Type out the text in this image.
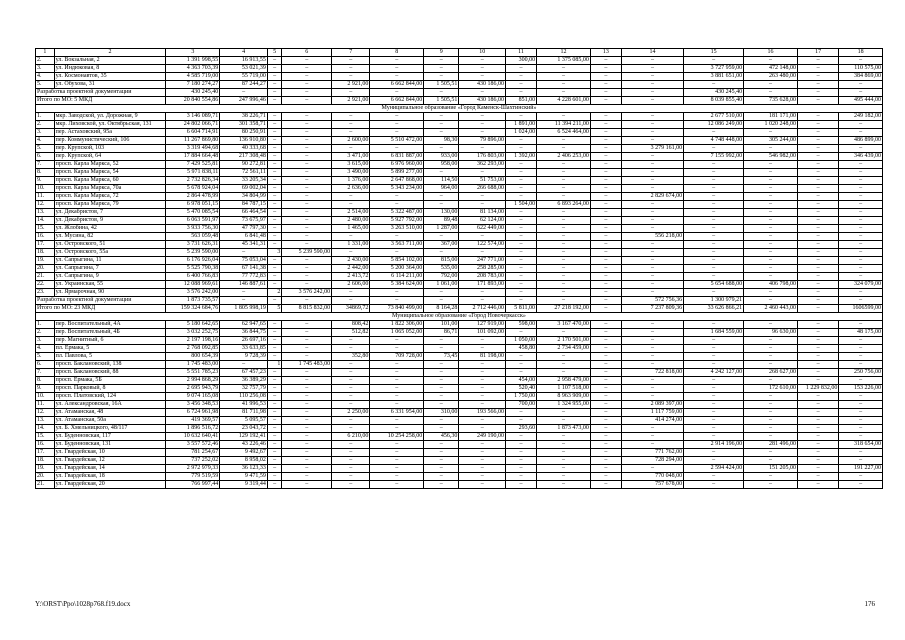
1	2	3	4	5	6	7	8	9	10	11	12	13	14	15	16	17	18
2.	ул. Вокзальная, 2	1 391 998,55	16 913,55	–	–	–	–	–	–	300,00	1 375 085,00	–	–	–	–	–	–
3.	ул. Индюковая, 8	4 363 703,39	53 021,39	–	–	–	–	–	–	–	–	–	–	3 727 959,00	472 148,00	–	110 575,00
4.	ул. Космонавтов, 35	4 585 719,00	55 719,00	–	–	–	–	–	–	–	–	–	–	3 881 651,00	263 480,00	–	384 869,00
5.	ул. Обухова, 31	7 180 274,27	87 244,27	–	–	2 921,00	6 662 844,00	1 505,51	430 186,00	–	–	–	–	–	–	–	–
Разработка проектной документации		430 245,40	–	–	–	–	–	–	–	–	–	–	–	430 245,40	–	–	–
Итого по МО: 5 МКД		20 840 554,86	247 996,46	–	–	2 921,00	6 662 844,00	1 505,51	430 186,00	851,00	4 228 601,00	–	–	8 039 855,40	735 628,00	–	495 444,00
Муниципальное образование «Город Каменск-Шахтинский»																	
1.	мкр. Заводской, ул. Дорожная, 9	3 146 089,71	38 226,71	–	–	–	–	–	–	–	–	–	–	2 677 510,00	181 171,00	–	249 182,00
2.	мкр. Лиховской, ул. Октябрьская, 131	24 802 066,71	301 358,71	–	–	–	–	–	–	1 891,00	11 394 211,00	–	–	12 086 249,00	1 020 248,00	–	–
3.	пер. Астаховский, 95а	6 604 714,91	80 250,91	–	–	–	–	–	–	1 024,00	6 524 464,00	–	–	–	–	–	–
4.	пер. Коммунистический, 106	11 267 869,80	136 910,80	–	–	2 600,00	5 510 472,00	98,30	79 896,00	–	–	–	–	4 748 448,00	305 244,00	–	486 899,00
5.	пер. Крупской, 103	3 319 494,68	40 333,68	–	–	–	–	–	–	–	–	–	3 279 161,00	–	–	–	–
6.	пер. Крупской, 64	17 884 664,48	217 308,48	–	–	3 471,00	6 831 887,00	933,00	176 803,00	1 392,00	2 406 253,00	–	–	7 155 992,00	546 982,00	–	346 439,00
7.	просп. Карла Маркса, 52	7 429 525,81	90 272,81	–	–	3 615,00	6 976 960,00	958,00	362 293,00	–	–	–	–	–	–	–	–
8.	просп. Карла Маркса, 54	5 971 838,11	72 561,11	–	–	3 490,00	5 899 277,00	–	–	–	–	–	–	–	–	–	–
9.	просп. Карла Маркса, 60	2 732 826,34	33 205,34	–	–	1 376,00	2 647 868,00	114,50	51 753,00	–	–	–	–	–	–	–	–
10.	просп. Карла Маркса, 70а	5 678 924,04	69 002,04	–	–	2 636,00	5 343 234,00	964,00	266 688,00	–	–	–	–	–	–	–	–
11.	просп. Карла Маркса, 72	2 864 478,99	34 804,99	–	–	–	–	–	–	–	–	–	2 829 674,00	–	–	–	–
12.	просп. Карла Маркса, 79	6 978 051,15	84 787,15	–	–	–	–	–	–	1 504,00	6 893 264,00	–	–	–	–	–	–
13.	ул. Декабристов, 7	5 470 085,54	66 464,54	–	–	2 514,00	5 322 487,00	130,00	81 134,00	–	–	–	–	–	–	–	–
14.	ул. Декабристов, 9	6 063 591,97	73 675,97	–	–	2 480,00	5 927 792,00	89,48	62 124,00	–	–	–	–	–	–	–	–
15.	ул. Жлобина, 42	3 933 756,30	47 797,30	–	–	1 465,00	3 263 510,00	1 287,00	622 449,00	–	–	–	–	–	–	–	–
16.	ул. Мусина, 82	563 059,48	6 841,48	–	–	–	–	–	–	–	–	–	556 218,00	–	–	–	–
17.	ул. Островского, 51	3 731 626,31	45 341,31	–	–	1 331,00	3 563 711,00	367,00	122 574,00	–	–	–	–	–	–	–	–
18.	ул. Островского, 55а	5 239 590,00	–	3	5 239 590,00	–	–	–	–	–	–	–	–	–	–	–	–
19.	ул. Сапрыгина, 11	6 176 926,04	75 053,04	–	–	2 430,00	5 854 102,00	815,00	247 771,00	–	–	–	–	–	–	–	–
20.	ул. Сапрыгина, 7	5 525 790,38	67 141,38	–	–	2 442,00	5 200 364,00	535,00	258 285,00	–	–	–	–	–	–	–	–
21.	ул. Сапрыгина, 9	6 400 766,83	77 772,83	–	–	2 413,72	6 114 211,00	792,00	208 783,00	–	–	–	–	–	–	–	–
22.	ул. Украинская, 55	12 088 969,61	146 887,61	–	–	2 606,00	5 384 624,00	1 061,00	171 893,00	–	–	–	–	5 654 688,00	406 798,00	–	324 079,00
23.	ул. Ярмарочная, 90	3 576 242,00	–	2	3 576 242,00	–	–	–	–	–	–	–	–	–	–	–	–
Разработка проектной документации		1 873 735,57	–	–	–	–	–	–	–	–	–	–	572 756,36	1 300 979,21	–	–	–
Итого по МО: 23 МКД		159 324 684,76	1 805 998,19	5	8 815 832,00	34869,72	73 840 499,00	8 164,28	2 712 446,00	5 811,00	27 218 192,00	–	7 237 809,36	33 626 866,21	2 460 443,00	–	1606599,00
Муниципальное образование «Город Новочеркасск»																	
1.	пер. Воспитательный, 4А	5 180 642,65	62 947,65	–	–	808,42	1 822 306,00	101,00	127 919,00	598,00	3 167 470,00	–	–	–	–	–	–
2.	пер. Воспитательный, 4Б	3 032 252,75	36 844,75	–	–	512,82	1 065 052,00	86,71	101 092,00	–	–	–	–	1 684 559,00	96 630,00	–	48 175,00
3.	пер. Магнитный, 6	2 197 198,16	26 697,16	–	–	–	–	–	–	1 050,00	2 170 501,00	–	–	–	–	–	–
4.	пл. Ермака, 5	2 768 092,85	33 633,85	–	–	–	–	–	–	458,80	2 734 459,00	–	–	–	–	–	–
5.	пл. Павлова, 5	800 654,39	9 728,39	–	–	352,80	709 728,00	73,45	81 198,00	–	–	–	–	–	–	–	–
6.	просп. Баклановский, 138	1 745 483,00	–	1	1 745 483,00	–	–	–	–	–	–	–	–	–	–	–	–
7.	просп. Баклановский, 88	5 551 785,23	67 457,23	–	–	–	–	–	–	–	–	–	722 818,00	4 242 127,00	268 627,00	–	250 756,00
8.	просп. Ермака, 5Б	2 994 868,29	36 389,29	–	–	–	–	–	–	454,00	2 958 479,00	–	–	–	–	–	–
9.	просп. Парковый, 8	2 695 943,79	32 757,79	–	–	–	–	–	–	520,40	1 107 518,00	–	–	–	172 610,00	1 229 832,00	153 226,00
10.	просп. Платовский, 124	9 074 165,08	110 256,08	–	–	–	–	–	–	1 750,00	8 963 909,00	–	–	–	–	–	–
11.	ул. Александровская, 16А	3 456 348,53	41 996,53	–	–	–	–	–	–	700,00	1 324 955,00	–	2 089 397,00	–	–	–	–
12.	ул. Атаманская, 48	6 724 961,98	81 711,98	–	–	2 250,00	6 331 954,00	310,00	193 566,00	–	–	–	1 117 759,00	–	–	–	–
13.	ул. Атаманская, 50а	419 369,57	5 095,57	–	–	–	–	–	–	–	–	–	414 274,00	–	–	–	–
14.	ул. Б. Хмельницкого, 48/117	1 896 516,72	23 043,72	–	–	–	–	–	–	293,60	1 873 473,00	–	–	–	–	–	–
15.	ул. Буденновская, 117	10 632 640,41	129 192,41	–	–	6 210,00	10 254 258,00	456,30	249 190,00	–	–	–	–	–	–	–	–
16.	ул. Буденновская, 131	3 557 572,46	43 226,46	–	–	–	–	–	–	–	–	–	–	2 914 196,00	281 496,00	–	318 654,00
17.	ул. Гвардейская, 10	781 254,67	9 492,67	–	–	–	–	–	–	–	–	–	771 762,00	–	–	–	–
18.	ул. Гвардейская, 12	737 252,02	8 958,02	–	–	–	–	–	–	–	–	–	728 294,00	–	–	–	–
19.	ул. Гвардейская, 14	2 972 979,33	36 123,33	–	–	–	–	–	–	–	–	–	–	2 594 424,00	151 205,00	–	191 227,00
20.	ул. Гвардейская, 18	779 519,59	9 471,59	–	–	–	–	–	–	–	–	–	770 048,00	–	–	–	–
21.	ул. Гвардейская, 20	766 997,44	9 319,44	–	–	–	–	–	–	–	–	–	757 678,00	–	–	–	–
Y:\ORST\Ppo\1028p768.f19.docx	176
